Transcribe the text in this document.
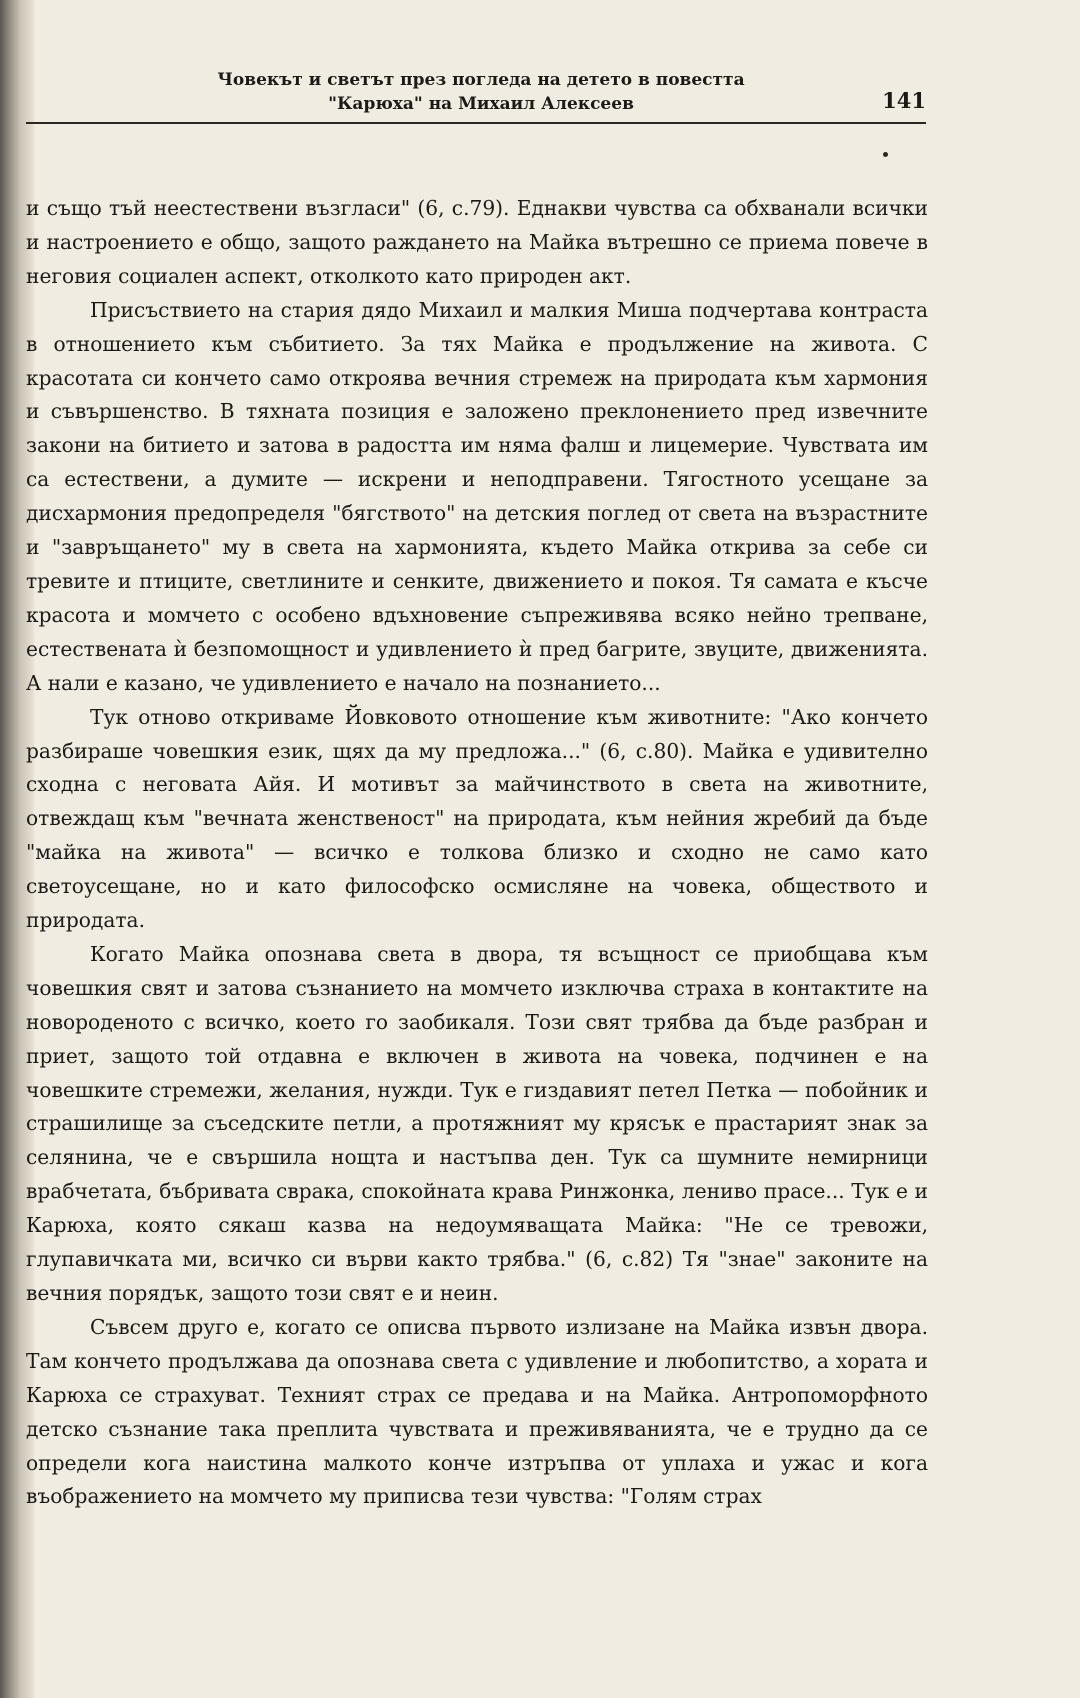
Човекът и светът през погледа на детето в повестта
"Карюха" на Михаил Алексеев	141

и също тъй неестествени възгласи" (6, с.79). Еднакви чувства са обхванали всички и настроението е общо, защото раждането на Майка вътрешно се приема повече в неговия социален аспект, отколкото като природен акт.

Присъствието на стария дядо Михаил и малкия Миша подчертава контраста в отношението към събитието. За тях Майка е продължение на живота. С красотата си кончето само откроява вечния стремеж на природата към хармония и съвършенство. В тяхната позиция е заложено преклонението пред извечните закони на битието и затова в радостта им няма фалш и лицемерие. Чувствата им са естествени, а думите — искрени и неподправени. Тягостното усещане за дисхармония предопределя "бягството" на детския поглед от света на възрастните и "завръщането" му в света на хармонията, където Майка открива за себе си тревите и птиците, светлините и сенките, движението и покоя. Тя самата е късче красота и момчето с особено вдъхновение съпреживява всяко нейно трепване, естествената ѝ безпомощност и удивлението ѝ пред багрите, звуците, движенията. А нали е казано, че удивлението е начало на познанието...

Тук отново откриваме Йовковото отношение към животните: "Ако кончето разбираше човешкия език, щях да му предложа..." (6, с.80). Майка е удивително сходна с неговата Айя. И мотивът за майчинството в света на животните, отвеждащ към "вечната женственост" на природата, към нейния жребий да бъде "майка на живота" — всичко е толкова близко и сходно не само като светоусещане, но и като философско осмисляне на човека, обществото и природата.

Когато Майка опознава света в двора, тя всъщност се приобщава към човешкия свят и затова съзнанието на момчето изключва страха в контактите на новороденото с всичко, което го заобикаля. Този свят трябва да бъде разбран и приет, защото той отдавна е включен в живота на човека, подчинен е на човешките стремежи, желания, нужди. Тук е гиздавият петел Петка — побойник и страшилище за съседските петли, а протяжният му крясък е прастарият знак за селянина, че е свършила нощта и настъпва ден. Тук са шумните немирници врабчетата, бъбривата сврака, спокойната крава Ринжонка, лениво прасе... Тук е и Карюха, която сякаш казва на недоумяващата Майка: "Не се тревожи, глупавичката ми, всичко си върви както трябва." (6, с.82) Тя "знае" законите на вечния порядък, защото този свят е и неин.

Съвсем друго е, когато се описва първото излизане на Майка извън двора. Там кончето продължава да опознава света с удивление и любопитство, а хората и Карюха се страхуват. Техният страх се предава и на Майка. Антропоморфното детско съзнание така преплита чувствата и преживяванията, че е трудно да се определи кога наистина малкото конче изтръпва от уплаха и ужас и кога въображението на момчето му приписва тези чувства: "Голям страх
